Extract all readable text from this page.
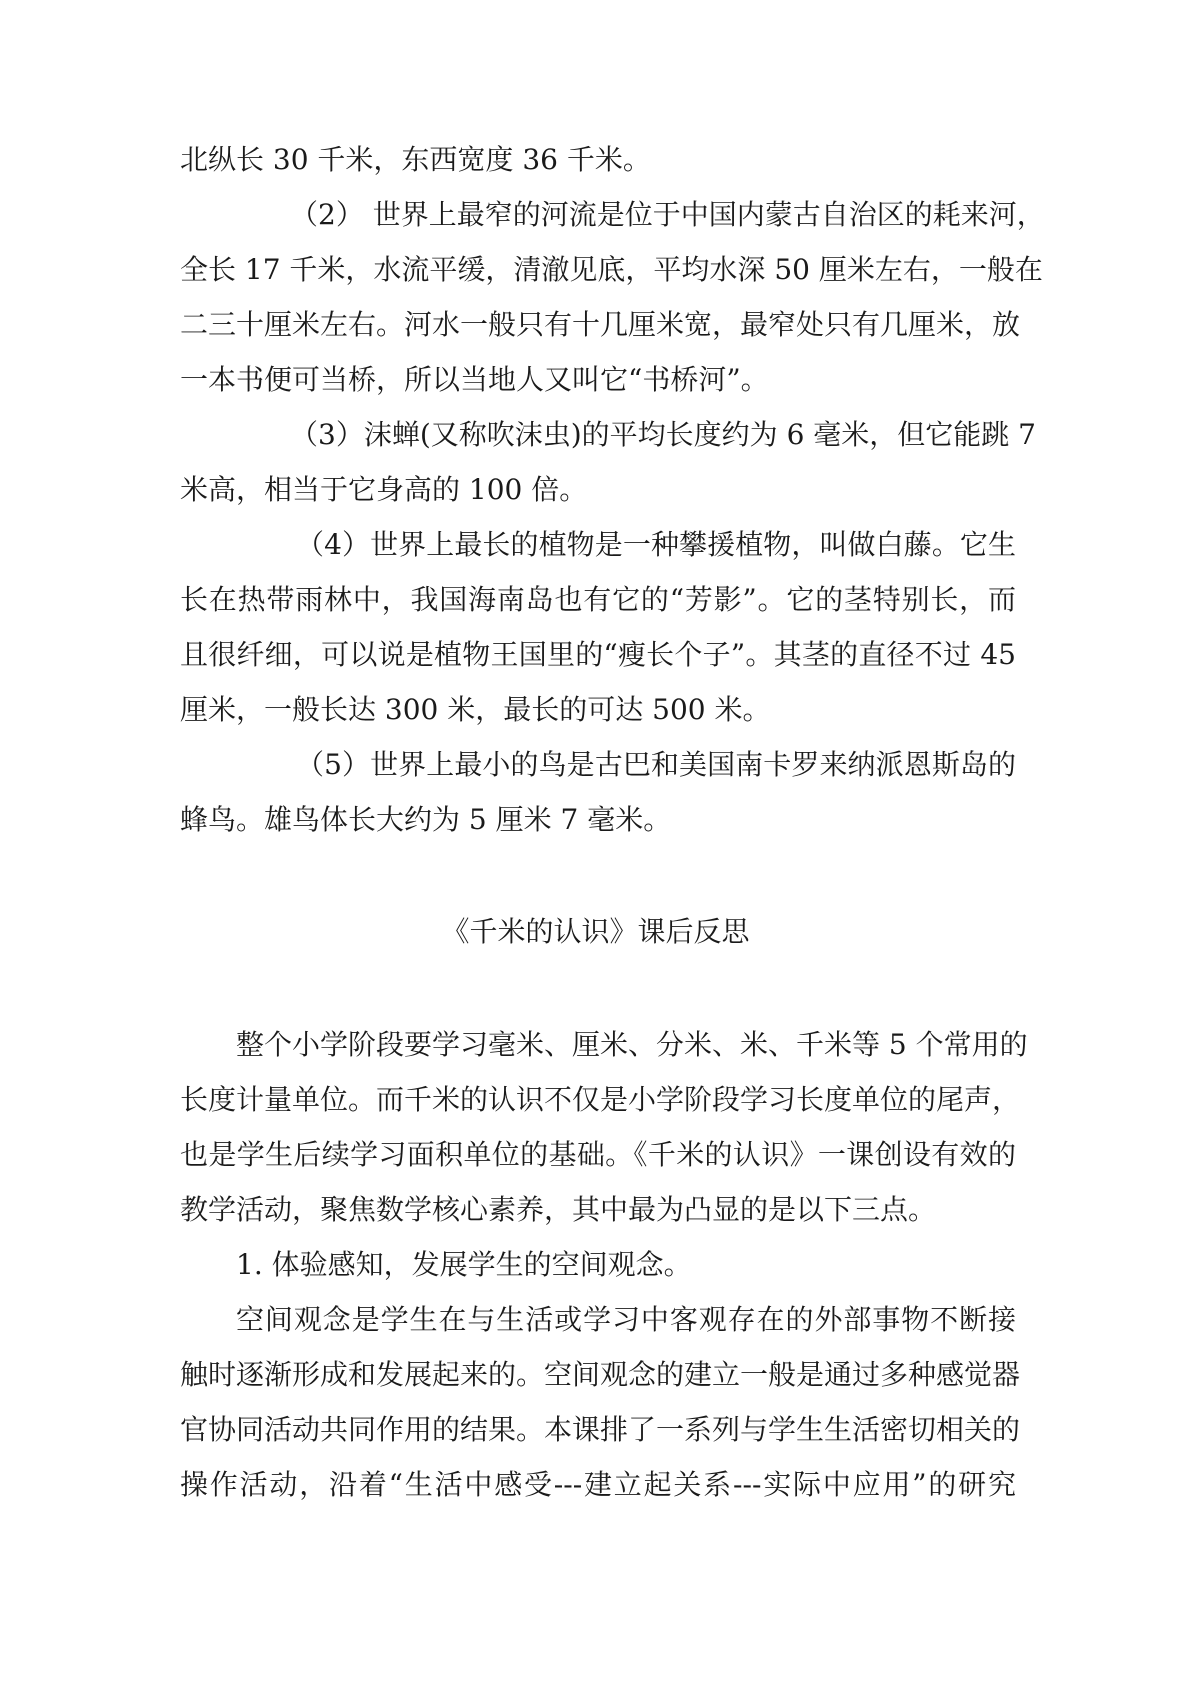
北纵长 30 千米，东西宽度 36 千米。
（2） 世界上最窄的河流是位于中国内蒙古自治区的耗来河，
全长 17 千米，水流平缓，清澈见底，平均水深 50 厘米左右，一般在
二三十厘米左右。河水一般只有十几厘米宽，最窄处只有几厘米，放
一本书便可当桥，所以当地人又叫它“书桥河”。
（3）沫蝉(又称吹沫虫)的平均长度约为 6 毫米，但它能跳 7
米高，相当于它身高的 100 倍。
（4）世界上最长的植物是一种攀援植物，叫做白藤。它生
长在热带雨林中，我国海南岛也有它的“芳影”。它的茎特别长，而
且很纤细，可以说是植物王国里的“瘦长个子”。其茎的直径不过 45
厘米，一般长达 300 米，最长的可达 500 米。
（5）世界上最小的鸟是古巴和美国南卡罗来纳派恩斯岛的
蜂鸟。雄鸟体长大约为 5 厘米 7 毫米。
《千米的认识》课后反思
整个小学阶段要学习毫米、厘米、分米、米、千米等 5 个常用的
长度计量单位。而千米的认识不仅是小学阶段学习长度单位的尾声，
也是学生后续学习面积单位的基础。《千米的认识》一课创设有效的
教学活动，聚焦数学核心素养，其中最为凸显的是以下三点。
1. 体验感知，发展学生的空间观念。
空间观念是学生在与生活或学习中客观存在的外部事物不断接
触时逐渐形成和发展起来的。空间观念的建立一般是通过多种感觉器
官协同活动共同作用的结果。本课排了一系列与学生生活密切相关的
操作活动，沿着“生活中感受---建立起关系---实际中应用”的研究
